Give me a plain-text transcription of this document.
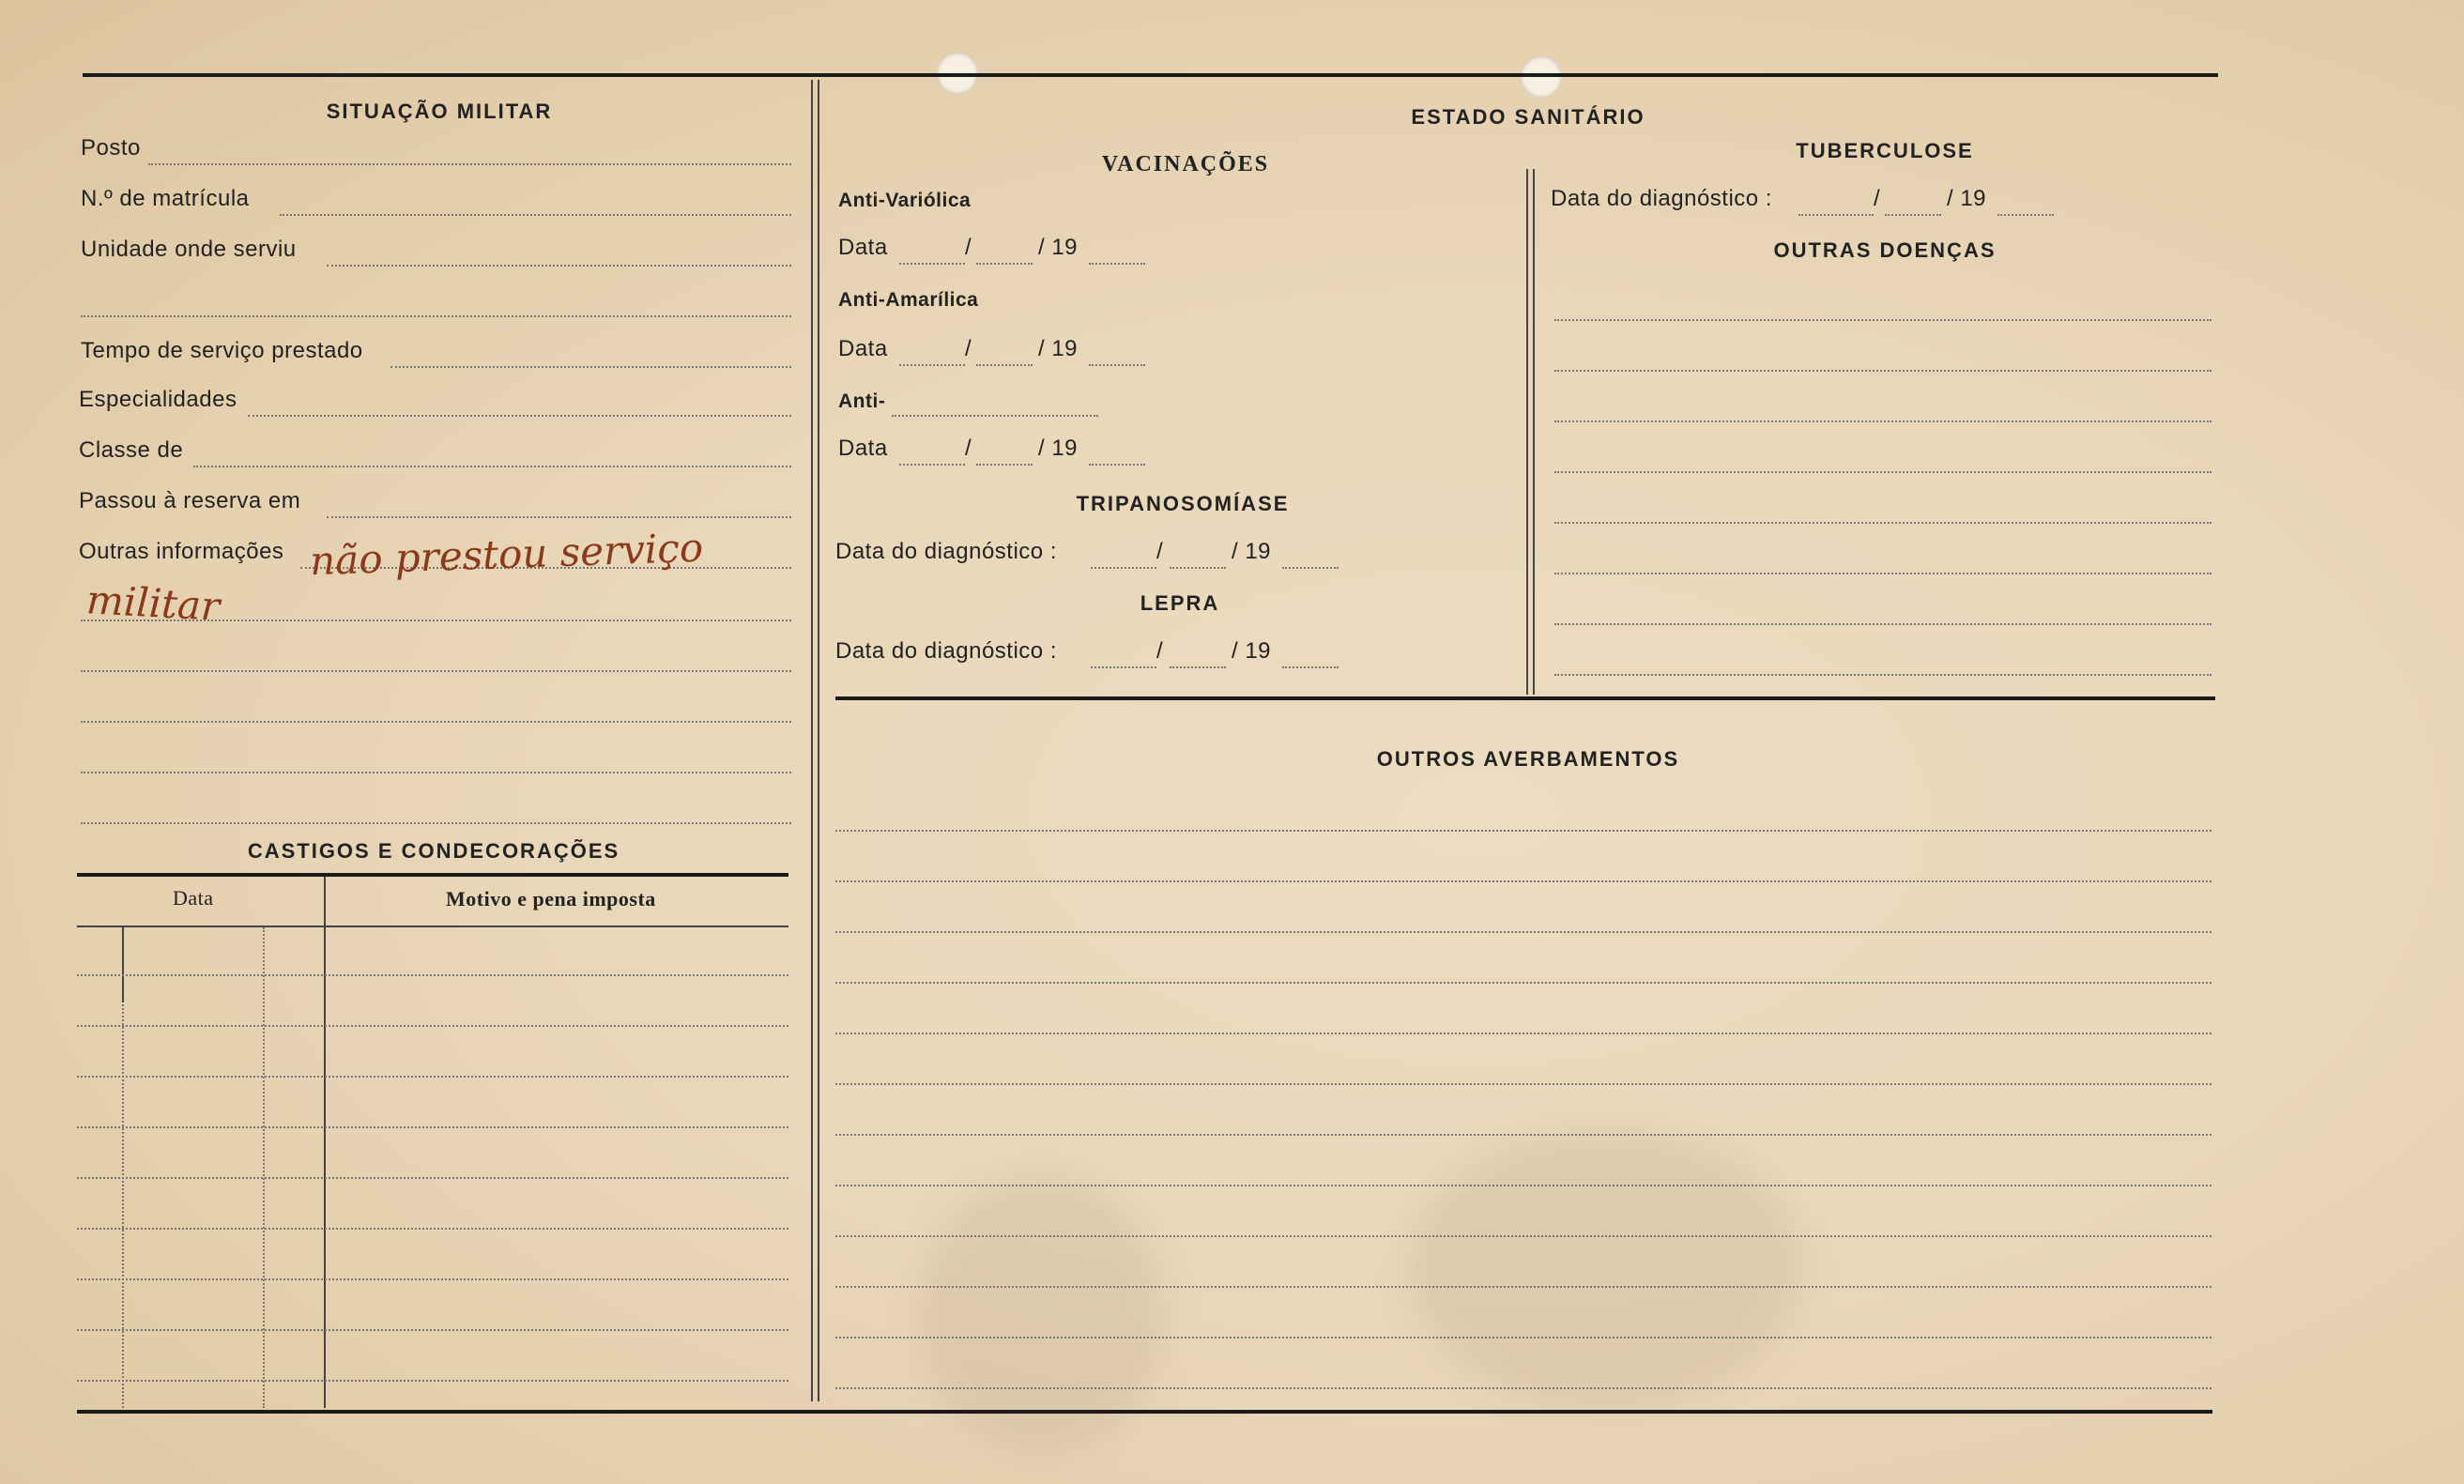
SITUAÇÃO MILITAR
Posto
N.º de matrícula
Unidade onde serviu
Tempo de serviço prestado
Especialidades
Classe de
Passou à reserva em
Outras informações não prestou serviço
militar
CASTIGOS E CONDECORAÇÕES
Data	Motivo e pena imposta
ESTADO SANITÁRIO
VACINAÇÕES
Anti-Variólica
Data	/	/ 19
Anti-Amarílica
Data	/	/ 19
Anti-
Data	/	/ 19
TRIPANOSOMÍASE
Data do diagnóstico :	/	/ 19
LEPRA
Data do diagnóstico :	/	/ 19
TUBERCULOSE
Data do diagnóstico :	/	/ 19
OUTRAS DOENÇAS
OUTROS AVERBAMENTOS
